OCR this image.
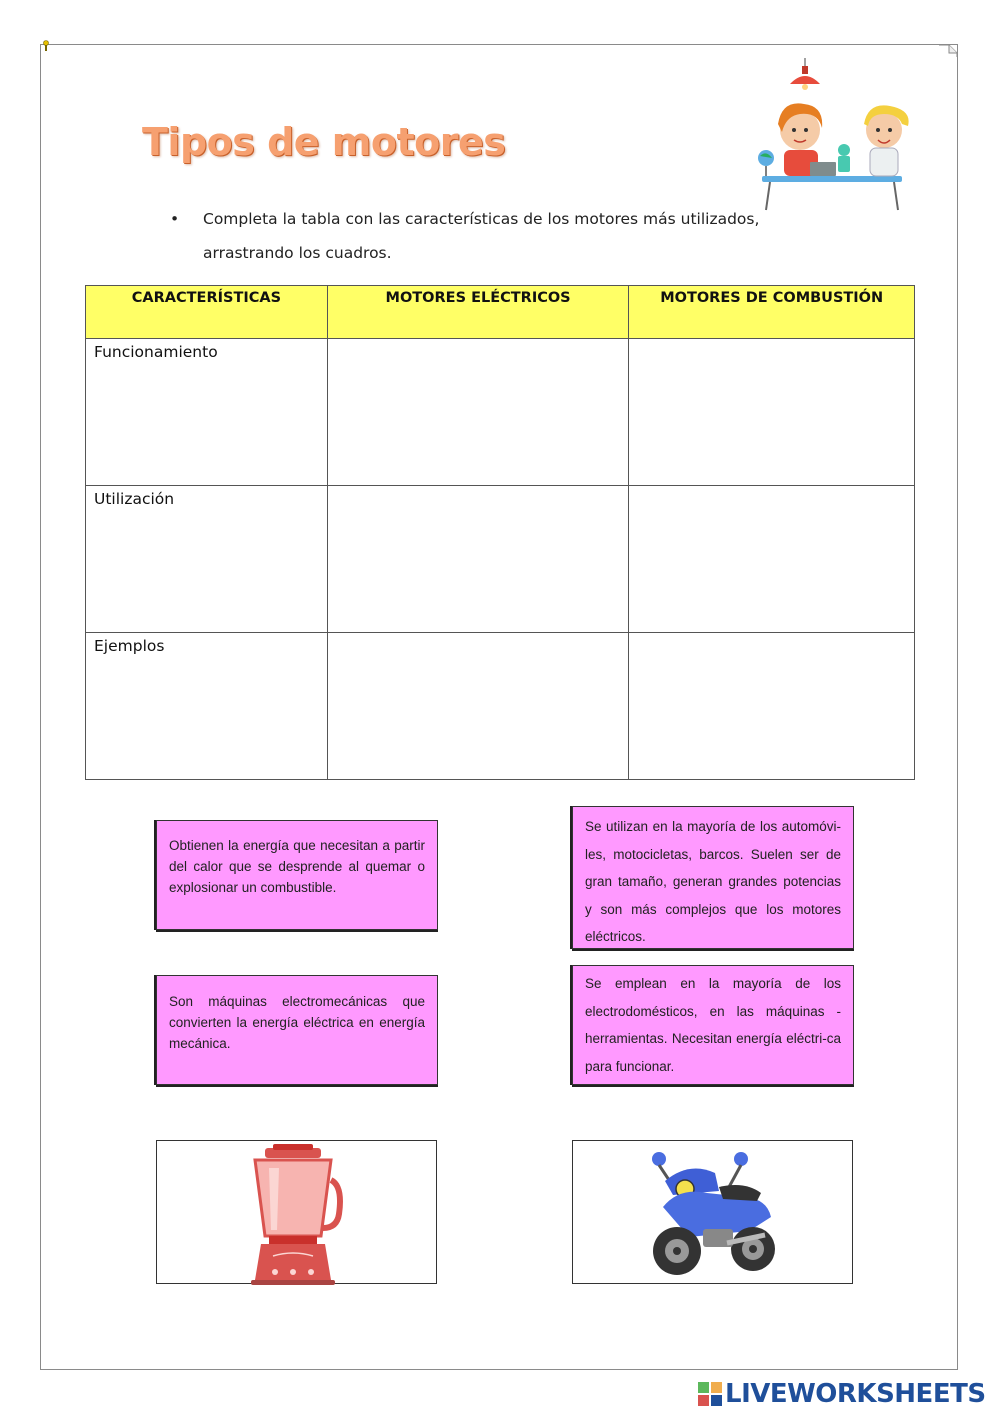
Tipos de motores
• Completa la tabla con las características de los motores más utilizados,
arrastrando los cuadros.
CARACTERÍSTICAS	MOTORES ELÉCTRICOS	MOTORES DE COMBUSTIÓN
Funcionamiento		
Utilización		
Ejemplos		

Obtienen la energía que necesitan a partir del calor que se desprende al quemar o explosionar un combustible.

Se utilizan en la mayoría de los automóvi-les, motocicletas, barcos. Suelen ser de gran tamaño, generan grandes potencias y son más complejos que los motores eléctricos.

Son máquinas electromecánicas que convierten la energía eléctrica en energía mecánica.

Se emplean en la mayoría de los electrodomésticos, en las máquinas - herramientas. Necesitan energía eléctri-ca para funcionar.

LIVEWORKSHEETS
